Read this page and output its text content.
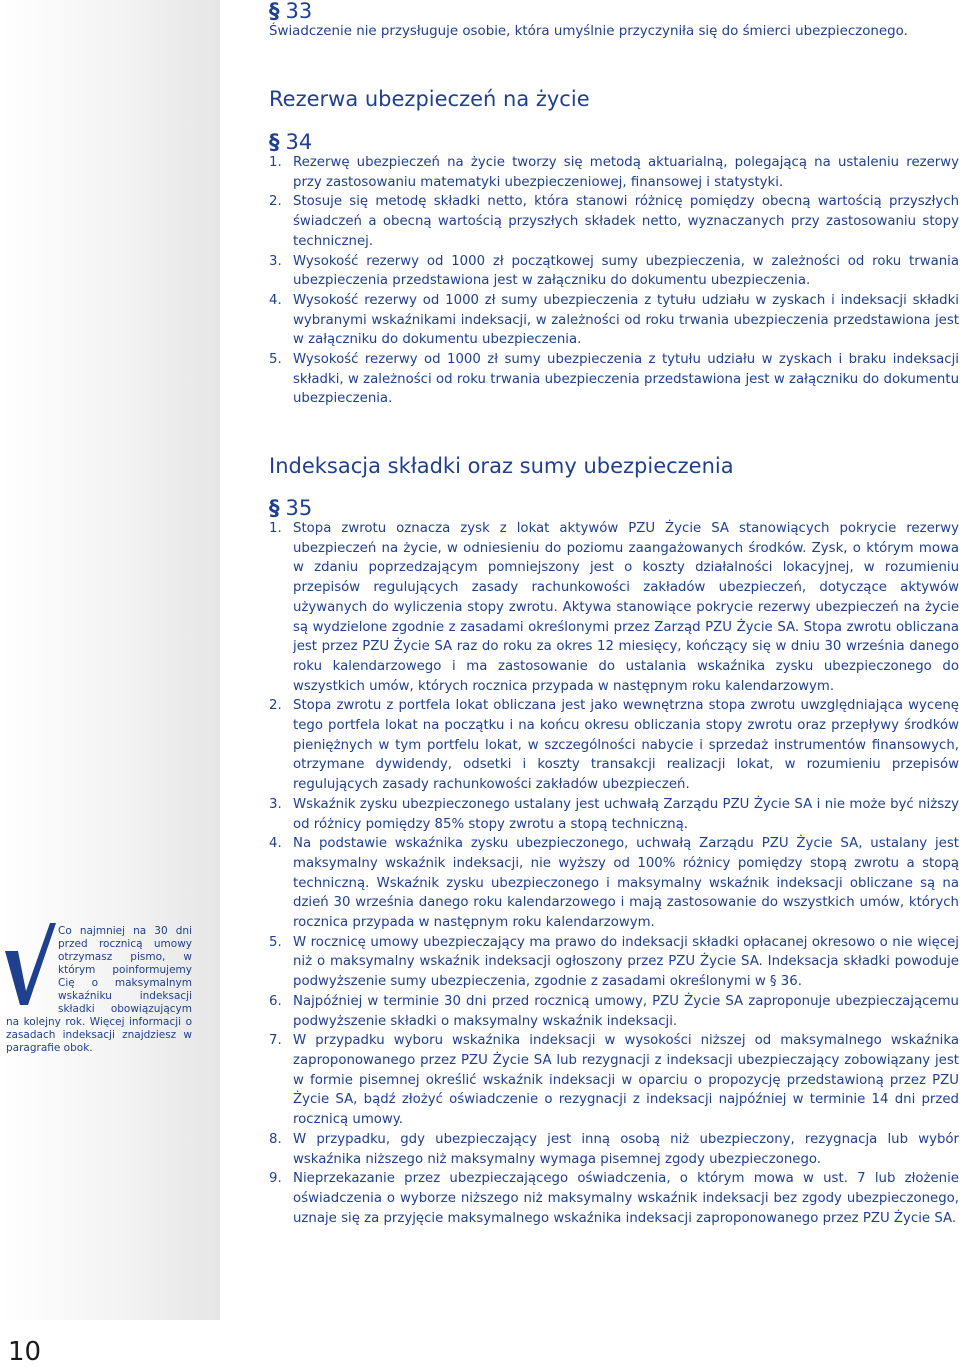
Co najmniej na 30 dni przed rocznicą umowy otrzymasz pismo, w którym poinformujemy Cię o maksymalnym wskaźniku indeksacji składki obowiązującym na kolejny rok. Więcej informacji o zasadach indeksacji znajdziesz w paragrafie obok.
10
§ 33
Świadczenie nie przysługuje osobie, która umyślnie przyczyniła się do śmierci ubezpieczonego.
Rezerwa ubezpieczeń na życie
§ 34
1. Rezerwę ubezpieczeń na życie tworzy się metodą aktuarialną, polegającą na ustaleniu rezerwy przy zastosowaniu matematyki ubezpieczeniowej, finansowej i statystyki.
2. Stosuje się metodę składki netto, która stanowi różnicę pomiędzy obecną wartością przyszłych świadczeń a obecną wartością przyszłych składek netto, wyznaczanych przy zastosowaniu stopy technicznej.
3. Wysokość rezerwy od 1000 zł początkowej sumy ubezpieczenia, w zależności od roku trwania ubezpieczenia przedstawiona jest w załączniku do dokumentu ubezpieczenia.
4. Wysokość rezerwy od 1000 zł sumy ubezpieczenia z tytułu udziału w zyskach i indeksacji składki wybranymi wskaźnikami indeksacji, w zależności od roku trwania ubezpieczenia przedstawiona jest w załączniku do dokumentu ubezpieczenia.
5. Wysokość rezerwy od 1000 zł sumy ubezpieczenia z tytułu udziału w zyskach i braku indeksacji składki, w zależności od roku trwania ubezpieczenia przedstawiona jest w załączniku do dokumentu ubezpieczenia.
Indeksacja składki oraz sumy ubezpieczenia
§ 35
1. Stopa zwrotu oznacza zysk z lokat aktywów PZU Życie SA stanowiących pokrycie rezerwy ubezpieczeń na życie, w odniesieniu do poziomu zaangażowanych środków. Zysk, o którym mowa w zdaniu poprzedzającym pomniejszony jest o koszty działalności lokacyjnej, w rozumieniu przepisów regulujących zasady rachunkowości zakładów ubezpieczeń, dotyczące aktywów używanych do wyliczenia stopy zwrotu. Aktywa stanowiące pokrycie rezerwy ubezpieczeń na życie są wydzielone zgodnie z zasadami określonymi przez Zarząd PZU Życie SA. Stopa zwrotu obliczana jest przez PZU Życie SA raz do roku za okres 12 miesięcy, kończący się w dniu 30 września danego roku kalendarzowego i ma zastosowanie do ustalania wskaźnika zysku ubezpieczonego do wszystkich umów, których rocznica przypada w następnym roku kalendarzowym.
2. Stopa zwrotu z portfela lokat obliczana jest jako wewnętrzna stopa zwrotu uwzględniająca wycenę tego portfela lokat na początku i na końcu okresu obliczania stopy zwrotu oraz przepływy środków pieniężnych w tym portfelu lokat, w szczególności nabycie i sprzedaż instrumentów finansowych, otrzymane dywidendy, odsetki i koszty transakcji realizacji lokat, w rozumieniu przepisów regulujących zasady rachunkowości zakładów ubezpieczeń.
3. Wskaźnik zysku ubezpieczonego ustalany jest uchwałą Zarządu PZU Życie SA i nie może być niższy od różnicy pomiędzy 85% stopy zwrotu a stopą techniczną.
4. Na podstawie wskaźnika zysku ubezpieczonego, uchwałą Zarządu PZU Życie SA, ustalany jest maksymalny wskaźnik indeksacji, nie wyższy od 100% różnicy pomiędzy stopą zwrotu a stopą techniczną. Wskaźnik zysku ubezpieczonego i maksymalny wskaźnik indeksacji obliczane są na dzień 30 września danego roku kalendarzowego i mają zastosowanie do wszystkich umów, których rocznica przypada w następnym roku kalendarzowym.
5. W rocznicę umowy ubezpieczający ma prawo do indeksacji składki opłacanej okresowo o nie więcej niż o maksymalny wskaźnik indeksacji ogłoszony przez PZU Życie SA. Indeksacja składki powoduje podwyższenie sumy ubezpieczenia, zgodnie z zasadami określonymi w § 36.
6. Najpóźniej w terminie 30 dni przed rocznicą umowy, PZU Życie SA zaproponuje ubezpieczającemu podwyższenie składki o maksymalny wskaźnik indeksacji.
7. W przypadku wyboru wskaźnika indeksacji w wysokości niższej od maksymalnego wskaźnika zaproponowanego przez PZU Życie SA lub rezygnacji z indeksacji ubezpieczający zobowiązany jest w formie pisemnej określić wskaźnik indeksacji w oparciu o propozycję przedstawioną przez PZU Życie SA, bądź złożyć oświadczenie o rezygnacji z indeksacji najpóźniej w terminie 14 dni przed rocznicą umowy.
8. W przypadku, gdy ubezpieczający jest inną osobą niż ubezpieczony, rezygnacja lub wybór wskaźnika niższego niż maksymalny wymaga pisemnej zgody ubezpieczonego.
9. Nieprzekazanie przez ubezpieczającego oświadczenia, o którym mowa w ust. 7 lub złożenie oświadczenia o wyborze niższego niż maksymalny wskaźnik indeksacji bez zgody ubezpieczonego, uznaje się za przyjęcie maksymalnego wskaźnika indeksacji zaproponowanego przez PZU Życie SA.
